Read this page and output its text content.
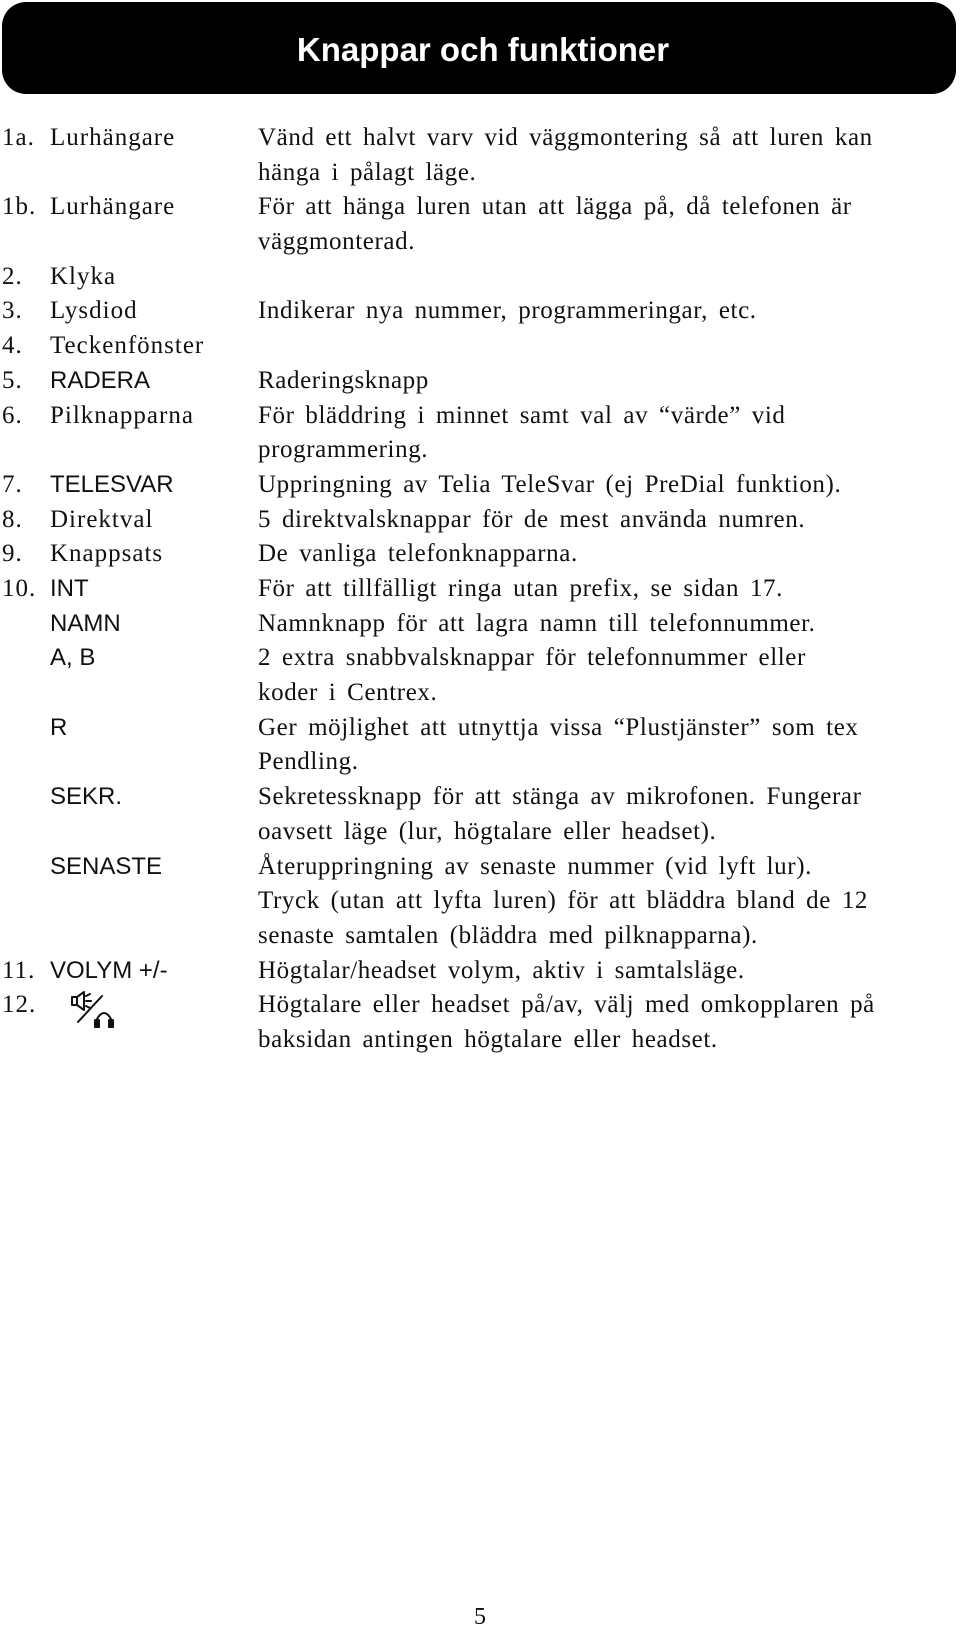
Knappar och funktioner
1a. Lurhängare	Vänd ett halvt varv vid väggmontering så att luren kan
hänga i pålagt läge.
1b. Lurhängare	För att hänga luren utan att lägga på, då telefonen är
väggmonterad.
2. Klyka
3. Lysdiod	Indikerar nya nummer, programmeringar, etc.
4. Teckenfönster
5. RADERA	Raderingsknapp
6. Pilknapparna	För bläddring i minnet samt val av “värde” vid
programmering.
7. TELESVAR	Uppringning av Telia TeleSvar (ej PreDial funktion).
8. Direktval	5 direktvalsknappar för de mest använda numren.
9. Knappsats	De vanliga telefonknapparna.
10. INT	För att tillfälligt ringa utan prefix, se sidan 17.
NAMN	Namnknapp för att lagra namn till telefonnummer.
A, B	2 extra snabbvalsknappar för telefonnummer eller
koder i Centrex.
R	Ger möjlighet att utnyttja vissa “Plustjänster” som tex
Pendling.
SEKR.	Sekretessknapp för att stänga av mikrofonen. Fungerar
oavsett läge (lur, högtalare eller headset).
SENASTE	Återuppringning av senaste nummer (vid lyft lur).
Tryck (utan att lyfta luren) för att bläddra bland de 12
senaste samtalen (bläddra med pilknapparna).
11. VOLYM +/-	Högtalar/headset volym, aktiv i samtalsläge.
12.	Högtalare eller headset på/av, välj med omkopplaren på
baksidan antingen högtalare eller headset.
5
